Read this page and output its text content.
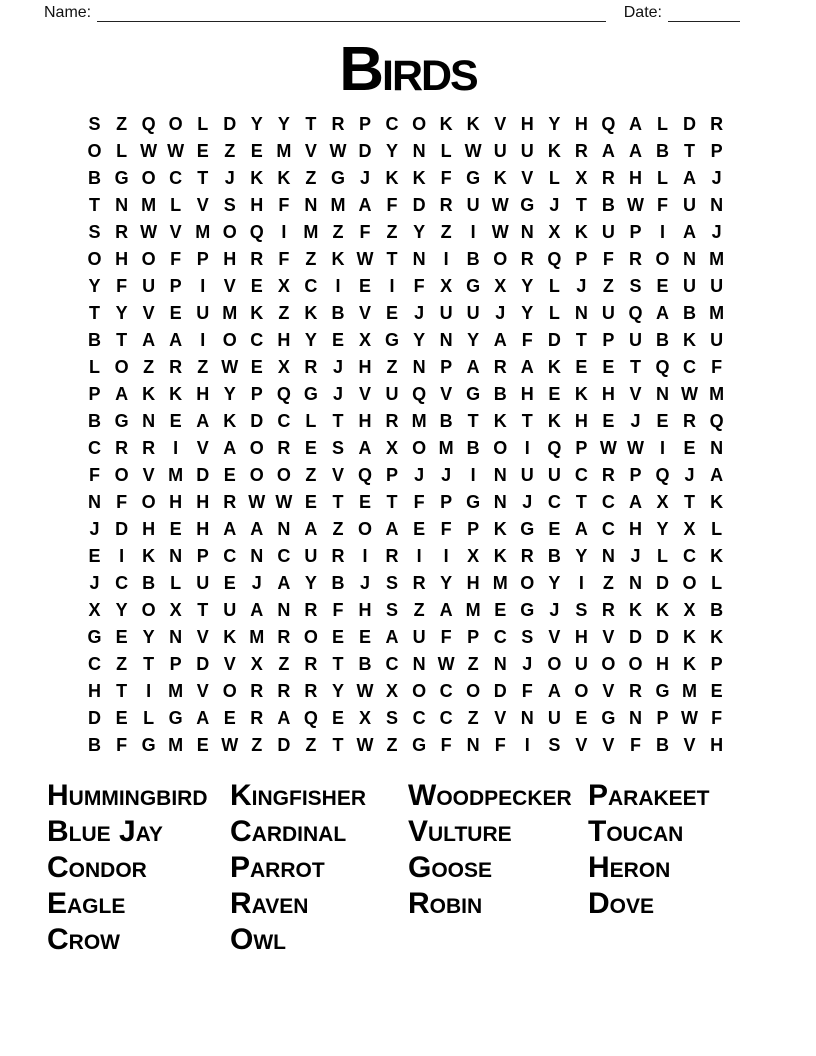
Name:	Date:
Birds
S Z Q O L D Y Y T R P C O K K V H Y H Q A L D R
O L W W E Z E M V W D Y N L W U U K R A A B T P
B G O C T J K K Z G J K K F G K V L X R H L A J
T N M L V S H F N M A F D R U W G J T B W F U N
S R W V M O Q I M Z F Z Y Z	I W N X K U P	I	A J
O H O F P H R F Z K W T N	I	B O R Q P F R O N M
Y F U P	I	V E X C	I	E	I	F X G X Y L J Z S E U U
T Y V E U M K Z K B V E J U U J Y L N U Q A B M
B T A A	I O C H Y E X G Y N Y A F D T P U B K U
L O Z R Z W E X R J H Z N P A R A K E E T Q C F
P A K K H Y P Q G J V U Q V G B H E K H V N W M
B G N E A K D C L T H R M B T K T K H E J E R Q
C R R	I	V A O R E S A X O M B O I Q P W W I	E N
F O V M D E O O Z V Q P J J	I	N U U C R P Q J A
N F O H H R W W E T E T F P G N J C T C A X T K
J D H E H A A N A Z O A E F P K G E A C H Y X L
E	I	K N P C N C U R	I	R	I	I	X K R B Y N J L C K
J C B L U E J A Y B J S R Y H M O Y	I	Z N D O L
X Y O X T U A N R F H S Z A M E G J S R K K X B
G E Y N V K M R O E E A U F P C S V H V D D K K
C Z T P D V X Z R T B C N W Z N J O U O O H K P
H T	I M V O R R R Y W X O C O D F A O V R G M E
D E L G A E R A Q E X S C C Z V N U E G N P W F
B F G M E W Z D Z T W Z G F N F	I	S V V F B V H
Hummingbird
Blue Jay
Condor
Eagle
Crow
Kingfisher
Cardinal
Parrot
Raven
Owl
Woodpecker
Vulture
Goose
Robin
Parakeet
Toucan
Heron
Dove
